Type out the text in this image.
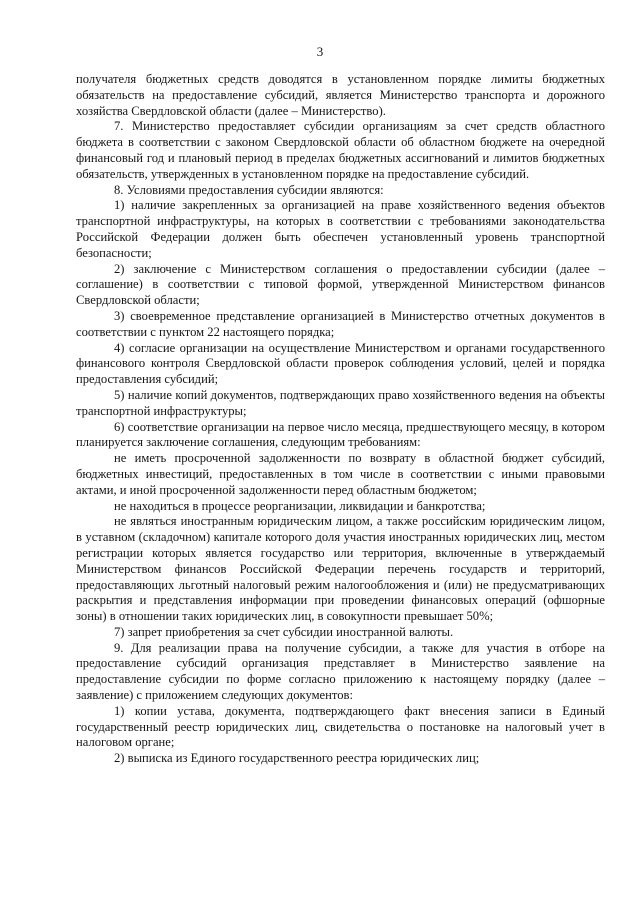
3

получателя бюджетных средств доводятся в установленном порядке лимиты бюджетных обязательств на предоставление субсидий, является Министерство транспорта и дорожного хозяйства Свердловской области (далее – Министерство).

7. Министерство предоставляет субсидии организациям за счет средств областного бюджета в соответствии с законом Свердловской области об областном бюджете на очередной финансовый год и плановый период в пределах бюджетных ассигнований и лимитов бюджетных обязательств, утвержденных в установленном порядке на предоставление субсидий.

8. Условиями предоставления субсидии являются:

1) наличие закрепленных за организацией на праве хозяйственного ведения объектов транспортной инфраструктуры, на которых в соответствии с требованиями законодательства Российской Федерации должен быть обеспечен установленный уровень транспортной безопасности;

2) заключение с Министерством соглашения о предоставлении субсидии (далее – соглашение) в соответствии с типовой формой, утвержденной Министерством финансов Свердловской области;

3) своевременное представление организацией в Министерство отчетных документов в соответствии с пунктом 22 настоящего порядка;

4) согласие организации на осуществление Министерством и органами государственного финансового контроля Свердловской области проверок соблюдения условий, целей и порядка предоставления субсидий;

5) наличие копий документов, подтверждающих право хозяйственного ведения на объекты транспортной инфраструктуры;

6) соответствие организации на первое число месяца, предшествующего месяцу, в котором планируется заключение соглашения, следующим требованиям:

не иметь просроченной задолженности по возврату в областной бюджет субсидий, бюджетных инвестиций, предоставленных в том числе в соответствии с иными правовыми актами, и иной просроченной задолженности перед областным бюджетом;

не находиться в процессе реорганизации, ликвидации и банкротства;

не являться иностранным юридическим лицом, а также российским юридическим лицом, в уставном (складочном) капитале которого доля участия иностранных юридических лиц, местом регистрации которых является государство или территория, включенные в утверждаемый Министерством финансов Российской Федерации перечень государств и территорий, предоставляющих льготный налоговый режим налогообложения и (или) не предусматривающих раскрытия и представления информации при проведении финансовых операций (офшорные зоны) в отношении таких юридических лиц, в совокупности превышает 50%;

7) запрет приобретения за счет субсидии иностранной валюты.

9. Для реализации права на получение субсидии, а также для участия в отборе на предоставление субсидий организация представляет в Министерство заявление на предоставление субсидии по форме согласно приложению к настоящему порядку (далее – заявление) с приложением следующих документов:

1) копии устава, документа, подтверждающего факт внесения записи в Единый государственный реестр юридических лиц, свидетельства о постановке на налоговый учет в налоговом органе;

2) выписка из Единого государственного реестра юридических лиц;
